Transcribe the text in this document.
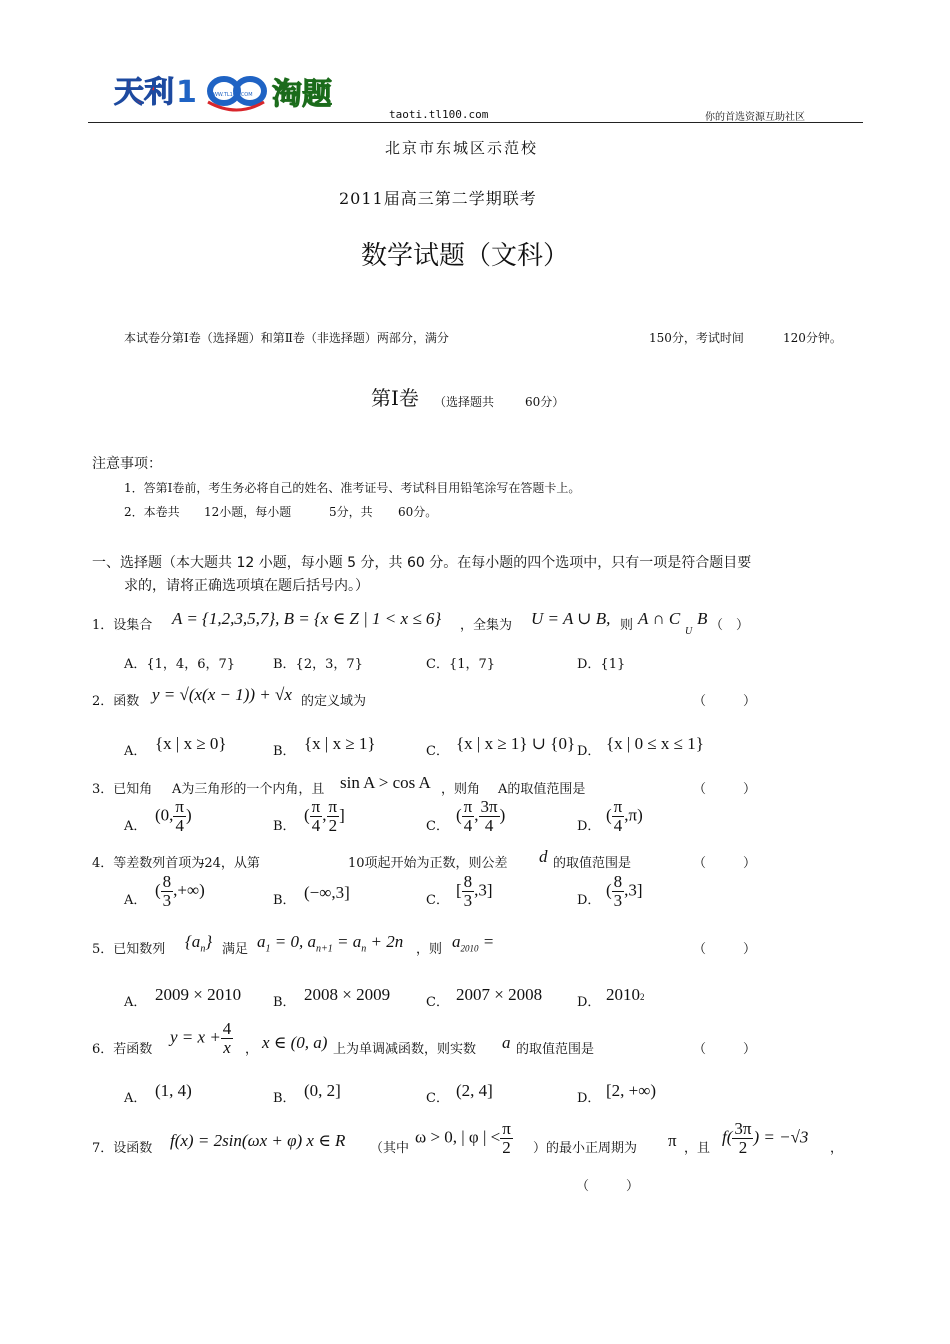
天利 1 WWW.TL100.COM 淘题
taoti.tl100.com	你的首选资源互助社区
北京市东城区示范校
2011届高三第二学期联考
数学试题（文科）
本试卷分第Ⅰ卷（选择题）和第Ⅱ卷（非选择题）两部分，满分	150分，考试时间	120分钟。
第Ⅰ卷 （选择题共	60分）
注意事项：
1．答第Ⅰ卷前，考生务必将自己的姓名、准考证号、考试科目用铅笔涂写在答题卡上。
2．本卷共 12小题，每小题	5分，共 60分。
一、选择题（本大题共 12 小题，每小题 5 分，共 60 分。在每小题的四个选项中，只有一项是符合题目要
求的，请将正确选项填在题后括号内。）
1．设集合 A = {1,2,3,5,7}, B = {x ∈ Z | 1 < x ≤ 6} ，全集为 U = A ∪ B, 则 A ∩ C
U
B （　）
A．{1，4，6，7}	B．{2，3，7}	C．{1，7}	D．{1}
2．函数 y = √(x(x − 1)) + √x 的定义域为	（	）
A． {x | x ≥ 0}	B． {x | x ≥ 1}	C． {x | x ≥ 1} ∪ {0} D． {x | 0 ≤ x ≤ 1}
3．已知角 A为三角形的一个内角，且 sin A > cos A ，则角 A的取值范围是	（	）
A．
(0, $\frac{\pi}{4}$ )
B．
( $\frac{\pi}{4}$ , $\frac{\pi}{2}$ ]
C．
( $\frac{\pi}{4}$ , $\frac{3\pi}{4}$ )
D．
( $\frac{\pi}{4} ,\pi$)
4．等差数列首项为
-24，从第	10项起开始为正数，则公差 d 的取值范围是	（	）
A．
( $\frac{8}{3}$ ,+∞)
B． (−∞,3]	C．
[ $\frac{8}{3} ,3$]
D．
( $\frac{8}{3} ,3$]
5．已知数列 $\{a_n\}$ 满足 $a_1 = 0$, $a_{n+1} = a_n + 2n$ ，则 $a_{2010}$ =	（	）
A． 2009 × 2010 B． 2008 × 2009	C． 2007 × 2008	D． 20102
6．若函数
$y = x + \frac{4}{x}$ ， x ∈ (0, a) 上为单调减函数，则实数 a 的取值范围是	（	）
A． (1, 4)	B． (0, 2]	C． (2, 4]	D． [2, +∞)
7．设函数 f(x) = 2sin(ωx + φ) x ∈ R （其中
ω > 0, | φ | < $\frac{\pi}{2}$ ）的最小正周期为 π ，且
$f( \frac{3\pi}{2}$ ) = −√3
，
（	）
